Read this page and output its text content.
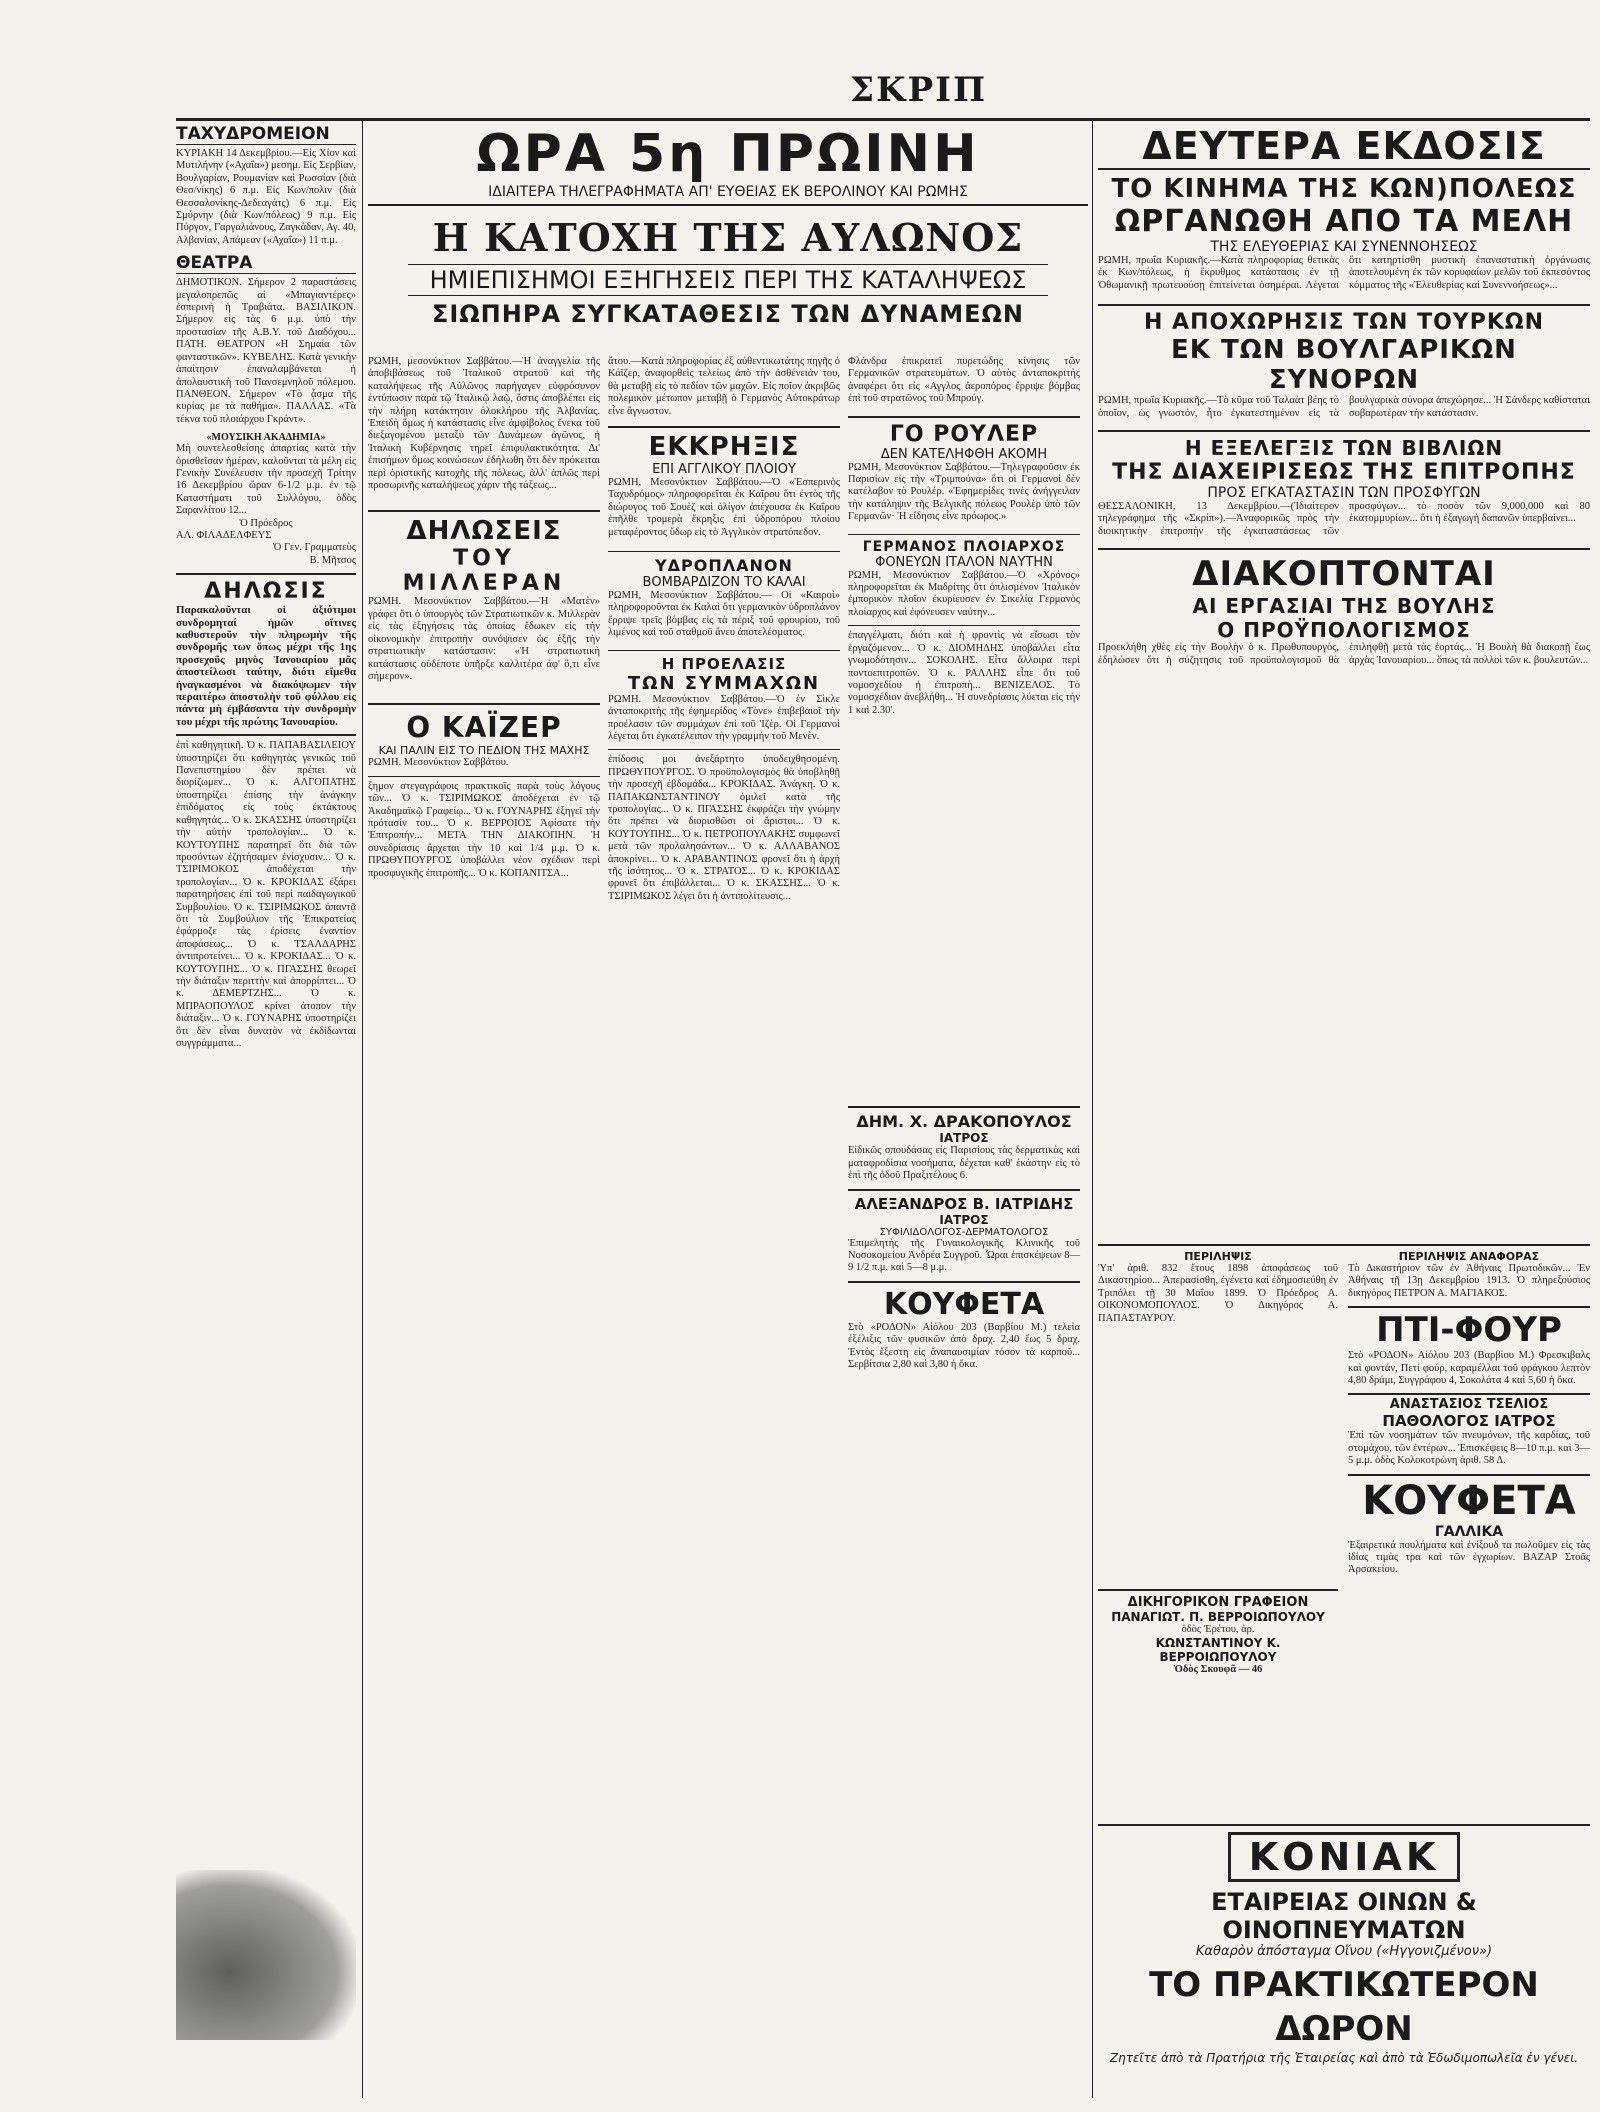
ΣΚΡΙΠ
ΤΑΧΥΔΡΟΜΕΙΟΝ
ΚΥΡΙΑΚΗ 14 Δεκεμβρίου.—Εἰς Χίον καὶ Μυτιλήνην («Αχαΐα») μεσημ. Εἰς Σερβίαν, Βουλγαρίαν, Ρουμανίαν καὶ Ρωσσίαν (διὰ Θεσ/νίκης) 6 π.μ. Εἰς Κων/πολιν (διὰ Θεσσαλονίκης-Δεδεαγάτς) 6 π.μ. Εἰς Σμύρνην (διὰ Κων/πόλεως) 9 π.μ. Εἰς Πύργον, Γαργαλιάνους, Ζαγκάδαν, Αγ. 40, Αλβανίαν, Απάμεαν («Αχαΐα») 11 π.μ.
ΘΕΑΤΡΑ
ΔΗΜΟΤΙΚΟΝ. Σήμερον 2 παραστάσεις μεγαλοπρεπῶς αἱ «Μπαγιαντέρες» ἐσπερινὴ ἡ Τραβιάτα. ΒΑΣΙΛΙΚΟΝ. Σήμερον εἰς τὰς 6 μ.μ. ὑπὸ τὴν προστασίαν τῆς Α.Β.Υ. τοῦ Διαδόχου... ΠΑΤΗ. ΘΕΑΤΡΟΝ «Η Σημαία τῶν φανταστικῶν». ΚΥΒΕΛΗΣ. Κατὰ γενικὴν ἀπαίτησιν ἐπαναλαμβάνεται ἡ ἀπολαυστικὴ τοῦ Πανσεμνηλοῦ πόλεμου. ΠΑΝΘΕΟΝ. Σήμερον «Τὸ ᾆσμα τῆς κυρίας με τὰ παθήμα». ΠΑΛΛΑΣ. «Τὰ τέκνα τοῦ πλοιάρχου Γκράντ».
«ΜΟΥΣΙΚΗ ΑΚΑΔΗΜΙΑ»
Μὴ συντελεσθείσης ἀπαρτίας κατὰ τὴν ὁρισθεῖσαν ἡμέραν, καλοῦνται τὰ μέλη εἰς Γενικὴν Συνέλευσιν τὴν προσεχῆ Τρίτην 16 Δεκεμβρίου ὥραν 6-1/2 μ.μ. ἐν τῷ Καταστήματι τοῦ Συλλόγου, ὁδὸς Σαρανλίτου 12...
Ὁ Πρόεδρος
ΑΛ. ΦΙΛΑΔΕΛΦΕΥΣ
Ὁ Γεν. Γραμματεὺς
Β. Μῆτσος
ΔΗΛΩΣΙΣ
Παρακαλοῦνται οἱ ἀξιότιμοι συνδρομηταί ἡμῶν οἵτινες καθυστεροῦν τὴν πληρωμὴν τῆς συνδρομῆς των ὅπως μέχρι τῆς 1ης προσεχοῦς μηνὸς Ἰανουαρίου μᾶς ἀποστείλωσι ταύτην, διότι εἴμεθα ἠναγκασμένοι νὰ διακόψωμεν τὴν περαιτέρω ἀποστολὴν τοῦ φύλλου εἰς πάντα μὴ ἐμβάσαντα τὴν συνδρομὴν του μέχρι τῆς πρώτης Ἰανουαρίου.
ἐπὶ καθηγητικῆ. Ὁ κ. ΠΑΠΑΒΑΣΙΛΕΙΟΥ ὑποστηρίζει ὅτι καθηγητὰς γενικῶς τοῦ Πανεπιστημίου δὲν πρέπει νὰ διορίζωμεν... Ὁ κ. ΑΛΓΟΠΑΤΗΣ ὑποστηρίζει ἐπίσης τὴν ἀνάγκην ἐπιδόματος εἰς τοὺς ἐκτάκτους καθηγητάς... Ὁ κ. ΣΚΑΣΣΗΣ ὑποστηρίζει τὴν αὐτὴν τροπολογίαν... Ὁ κ. ΚΟΥΤΟΥΠΗΣ παρατηρεῖ ὅτι διὰ τῶν προσόντων ἐζητήσαμεν ἐνίσχυσιν... Ὁ κ. ΤΣΙΡΙΜΟΚΟΣ ἀποδέχεται τὴν τροπολογίαν... Ὁ κ. ΚΡΟΚΙΔΑΣ ἐξάρει παρατηρήσεις ἐπὶ τοῦ περὶ παιδαγωγικοῦ Συμβουλίου. Ὁ κ. ΤΣΙΡΙΜΩΚΟΣ ἀπαντᾷ ὅτι τὰ Συμβούλιον τῆς Ἐπικρατείας ἐφάρμοζε τὰς ἐρίσεις ἐναντίον ἀποφάσεως... Ὁ κ. ΤΣΑΛΔΑΡΗΣ ἀντιπροτείνει... Ὁ κ. ΚΡΟΚΙΔΑΣ... Ὁ κ. ΚΟΥΤΟΥΠΗΣ... Ὁ κ. ΠΓΑΣΣΗΣ θεωρεῖ τὴν διάταξιν περιττὴν καὶ ἀπορρίπτει... Ὁ κ. ΔΕΜΕΡΤΖΗΣ... Ὁ κ. ΜΠΡΑΟΠΟΥΛΟΣ κρίνει ἀτοπον τὴν διάταξιν... Ὁ κ. ΓΟΥΝΑΡΗΣ ὑποστηρίζει ὅτι δὲν εἶναι δυνατὸν νὰ ἐκδίδωνται συγγράμματα...
ΩΡΑ 5η ΠΡΩΙΝΗ
ΙΔΙΑΙΤΕΡΑ ΤΗΛΕΓΡΑΦΗΜΑΤΑ ΑΠ' ΕΥΘΕΙΑΣ ΕΚ ΒΕΡΟΛΙΝΟΥ ΚΑΙ ΡΩΜΗΣ
Η ΚΑΤΟΧΗ ΤΗΣ ΑΥΛΩΝΟΣ
ΗΜΙΕΠΙΣΗΜΟΙ ΕΞΗΓΗΣΕΙΣ ΠΕΡΙ ΤΗΣ ΚΑΤΑΛΗΨΕΩΣ
ΣΙΩΠΗΡΑ ΣΥΓΚΑΤΑΘΕΣΙΣ ΤΩΝ ΔΥΝΑΜΕΩΝ
ΡΩΜΗ, μεσονύκτιον Σαββάτου.—Ἡ ἀναγγελία τῆς ἀποβιβάσεως τοῦ Ἰταλικοῦ στρατοῦ καὶ τῆς καταλήψεως τῆς Αὐλῶνος παρήγαγεν εὐφρόσυνον ἐντύπωσιν παρὰ τῷ Ἰταλικῷ λαῷ, ὅστις ἀποβλέπει εἰς τὴν πλήρη κατάκτησιν ὁλοκλήρου τῆς Ἀλβανίας. Ἐπειδὴ ὅμως ἡ κατάστασις εἶνε ἀμφίβολος ἕνεκα τοῦ διεξαγομένου μεταξὺ τῶν Δυνάμεων ἀγῶνος, ἡ Ἰταλικὴ Κυβέρνησις τηρεῖ ἐπιφυλακτικότητα. Δι' ἐπισήμων ὅμως κοινώσεων ἐδήλωθη ὅτι δὲν πρόκειται περὶ ὁριστικῆς κατοχῆς τῆς πόλεως, ἀλλ' ἁπλῶς περὶ προσωρινῆς καταλήψεως χάριν τῆς τάξεως...
ΔΗΛΩΣΕΙΣ
ΤΟΥ ΜΙΛΛΕΡΑΝ
ΡΩΜΗ. Μεσονύκτιον Σαββάτου.—Ἡ «Ματὲν» γράφει ὅτι ὁ ὑπουργὸς τῶν Στρατιωτικῶν κ. Μιλλερὰν εἰς τὰς ἐξηγήσεις τὰς ὁποίας ἔδωκεν εἰς τὴν οἰκονομικὴν ἐπιτροπὴν συνόψισεν ὡς ἑξῆς τὴν στρατιωτικὴν κατάστασιν: «Ἡ στρατιωτικὴ κατάστασις οὐδέποτε ὑπῆρξε καλλιτέρα ἀφ' ὅ,τι εἶνε σήμερον».
Ο ΚΑΪΖΕΡ
ΚΑΙ ΠΑΛΙΝ ΕΙΣ ΤΟ ΠΕΔΙΟΝ ΤΗΣ ΜΑΧΗΣ
ΡΩΜΗ. Μεσονύκτιον Σαββάτου.
ξημον στεγαγράφοις πρακτικοῖς παρὰ τοὺς λόγους τῶν... Ὁ κ. ΤΣΙΡΙΜΩΚΟΣ ἀποδέχεται ἐν τῷ Ἀκαδημαϊκῷ Γραφείῳ... Ὁ κ. ΓΟΥΝΑΡΗΣ ἐξηγεῖ τὴν πρότασίν του... Ὁ κ. ΒΕΡΡΟΙΟΣ Ἀφίσατε τὴν Ἐπιτροπήν... ΜΕΤΑ ΤΗΝ ΔΙΑΚΟΠΗΝ. Ἡ συνεδρίασις ἄρχεται τὴν 10 καὶ 1/4 μ.μ. Ὁ κ. ΠΡΩΘΥΠΟΥΡΓΟΣ ὑποβάλλει νέον σχέδιον περὶ προσφυγικῆς ἐπιτροπῆς... Ὁ κ. ΚΟΠΑΝΙΤΣΑ...
ἄτου.—Κατὰ πληροφορίας ἐξ αὐθεντικωτάτης πηγῆς ὁ Κάϊζερ, ἀναφορθεὶς τελείως ἀπὸ τὴν ἀσθένειάν του, θὰ μεταβῇ εἰς τὸ πεδίον τῶν μαχῶν. Εἰς ποῖον ἀκριβῶς πολεμικὸν μέτωπον μεταβῇ ὁ Γερμανὸς Αὐτοκράτωρ εἶνε ἄγνωστον.
ΕΚΚΡΗΞΙΣ
ΕΠΙ ΑΓΓΛΙΚΟΥ ΠΛΟΙΟΥ
ΡΩΜΗ, Μεσονύκτιον Σαββάτου.—Ὁ «Ἑσπερινὸς Ταχυδρόμος» πληροφορεῖται ἐκ Καΐρου ὅτι ἐντὸς τῆς διώρυγος τοῦ Σουὲζ καὶ ὀλίγον ἀπέχουσα ἐκ Καΐρου ἐπῆλθε τρομερὰ ἔκρηξις ἐπὶ ὑδροπόρου πλοίου μεταφέροντος ὕδωρ εἰς τὸ Ἀγγλικὸν στρατόπεδον.
ΥΔΡΟΠΛΑΝΟΝ
ΒΟΜΒΑΡΔΙΖΟΝ ΤΟ ΚΑΛΑΙ
ΡΩΜΗ, Μεσονύκτιον Σαββάτου.— Οἱ «Καιροὶ» πληροφοροῦνται ἐκ Καλαὶ ὅτι γερμανικὸν ὑδροπλάνον ἔρριψε τρεῖς βόμβας εἰς τὰ πέριξ τοῦ φρουρίου, τοῦ λιμένος καὶ τοῦ σταθμοῦ ἄνευ ἀποτελέσματος.
Η ΠΡΟΕΛΑΣΙΣ
ΤΩΝ ΣΥΜΜΑΧΩΝ
ΡΩΜΗ. Μεσονύκτιον Σαββάτου.—Ὁ ἐν Σὶκλε ἀνταποκριτὴς τῆς ἐφημερίδος «Τὸνε» ἐπιβεβαιοῖ τὴν προέλασιν τῶν συμμάχων ἐπὶ τοῦ Ἰζὲρ. Οἱ Γερμανοὶ λέγεται ὅτι ἐγκατέλειπον τὴν γραμμὴν τοῦ Μενὲν.
ἐπίδοσις μοι ἀνεξάρτητο ὑποδειχθησομένη. ΠΡΩΘΥΠΟΥΡΓΟΣ. Ὁ προϋπολογισμὸς θὰ ὑποβληθῇ τὴν προσεχῆ ἐβδομάδα... ΚΡΟΚΙΔΑΣ. Ἀνάγκη. Ὁ κ. ΠΑΠΑΚΩΝΣΤΑΝΤΙΝΟΥ ὁμιλεῖ κατὰ τῆς τροπολογίας... Ὁ κ. ΠΓΑΣΣΗΣ ἐκφράζει τὴν γνώμην ὅτι πρέπει νὰ διορισθῶσι οἱ ἄριστοι... Ὁ κ. ΚΟΥΤΟΥΠΗΣ... Ὁ κ. ΠΕΤΡΟΠΟΥΛΑΚΗΣ συμφωνεῖ μετὰ τῶν προλαλησάντων... Ὁ κ. ΑΛΛΑΒΑΝΟΣ ἀποκρίνει... Ὁ κ. ΑΡΑΒΑΝΤΙΝΟΣ φρονεῖ ὅτι ἡ ἀρχὴ τῆς ἰσότητος... Ὁ κ. ΣΤΡΑΤΟΣ... Ὁ κ. ΚΡΟΚΙΔΑΣ φρονεῖ ὅτι ἐπιβάλλεται... Ὁ κ. ΣΚΑΣΣΗΣ... Ὁ κ. ΤΣΙΡΙΜΩΚΟΣ λέγει ὅτι ἡ ἀντιπολίτευσις...
Φλάνδρα ἐπικρατεῖ πυρετώδης κίνησις τῶν Γερμανικῶν στρατευμάτων. Ὁ αὐτὸς ἀνταποκριτὴς ἀναφέρει ὅτι εἰς «Αγγλος ἀεροπόρος ἔρριψε βόμβας ἐπὶ τοῦ στρατῶνος τοῦ Μπρούγ.
ΓΟ ΡΟΥΛΕΡ
ΔΕΝ ΚΑΤΕΛΗΦΘΗ ΑΚΟΜΗ
ΡΩΜΗ, Μεσονύκτιον Σαββάτου.—Τηλεγραφοῦσιν ἐκ Παρισίων εἰς τὴν «Τριμπούνα» ὅτι οἱ Γερμανοὶ δὲν κατέλαβον τὸ Ρουλέρ. «Ἐφημερίδες τινὲς ἀνήγγειλαν τὴν κατάληψιν τῆς Βελγικῆς πόλεως Ρουλὲρ ὑπὸ τῶν Γερμανῶν· Ἡ εἴδησις εἶνε πρόωρος.»
ΓΕΡΜΑΝΟΣ ΠΛΟΙΑΡΧΟΣ
ΦΟΝΕΥΩΝ ΙΤΑΛΟΝ ΝΑΥΤΗΝ
ΡΩΜΗ, Μεσονύκτιον Σαββάτου.—Ὁ «Χρόνος» πληροφορεῖται ἐκ Μαδρίτης ὅτι ὁπλισμένον Ἰταλικὸν ἐμπορικὸν πλοῖον ἐκυρίευσεν ἐν Σικελίᾳ Γερμανὸς πλοίαρχος καὶ ἐφόνευσεν ναύτην...
ἐπαγγέλματι, διότι καὶ ἡ φροντὶς νὰ εἴσωσι τὸν ἐργαζόμενον... Ὁ κ. ΔΙΟΜΗΔΗΣ ὑποβάλλει εἶτα γνωμοδότησιν... ΣΟΚΟΛΗΣ. Εἶτα ἅλλοιρα περὶ ποντοεπιτροπῶν. Ὁ κ. ΡΑΛΛΗΣ εἶπε ὅτι τοῦ νομοσχεδίου ἡ ἐπιτροπὴ... ΒΕΝΙΖΕΛΟΣ. Τὸ νομοσχέδιον ἀνεβλήθη... Ἡ συνεδρίασις λύεται εἰς τὴν 1 καὶ 2.30'.
ΔΗΜ. Χ. ΔΡΑΚΟΠΟΥΛΟΣ
ΙΑΤΡΟΣ
Εἰδικῶς σπουδάσας εἰς Παρισίους τὰς δερματικὰς καὶ ματαφροδίσια νοσήματα, δέχεται καθ' ἑκάστην εἰς τὸ ἐπὶ τῆς ὁδοῦ Πραξιτέλους 6.
ΑΛΕΞΑΝΔΡΟΣ Β. ΙΑΤΡΙΔΗΣ
ΙΑΤΡΟΣ
ΣΥΦΙΛΙΔΟΛΟΓΟΣ-ΔΕΡΜΑΤΟΛΟΓΟΣ
Ἐπιμελητὴς τῆς Γυναικολογικῆς Κλινικῆς τοῦ Νοσοκομείου Ἀνδρέα Συγγροῦ. Ὧραι ἐπισκέψεων 8—9 1/2 π.μ. καὶ 5—8 μ.μ.
ΚΟΥΦΕΤΑ
Στὸ «ΡΟΔΟΝ» Αἰόλου 203 (Βαρβίου Μ.) τελεία ἐξέλιξις τῶν φυσικῶν ἀπὸ δραχ. 2,40 ἕως 5 δραχ. Ἐντὸς ἔξεστη εἰς ἄναπαυσιμίαν τόσον τὰ καρποῦ... Σερβίτσια 2,80 καὶ 3,80 ἡ ὄκα.
ΔΕΥΤΕΡΑ ΕΚΔΟΣΙΣ
ΤΟ ΚΙΝΗΜΑ ΤΗΣ ΚΩΝ)ΠΟΛΕΩΣ
ΩΡΓΑΝΩΘΗ ΑΠΟ ΤΑ ΜΕΛΗ
ΤΗΣ ΕΛΕΥΘΕΡΙΑΣ ΚΑΙ ΣΥΝΕΝΝΟΗΣΕΩΣ
ΡΩΜΗ, πρωΐα Κυριακῆς.—Κατὰ πληροφορίας θετικὰς ἐκ Κων/πόλεως, ἡ ἔκρυθμος κατάστασις ἐν τῇ Ὀθωμανικῇ πρωτευούσῃ ἐπιτείνεται ὁσημέραι. Λέγεται ὅτι κατηρτίσθη μυστικὴ ἐπαναστατικὴ ὀργάνωσις ἀποτελουμένη ἐκ τῶν κορυφαίων μελῶν τοῦ ἐκπεσόντος κόμματος τῆς «Ἐλευθερίας καὶ Συνεννοήσεως»...
Η ΑΠΟΧΩΡΗΣΙΣ ΤΩΝ ΤΟΥΡΚΩΝ
ΕΚ ΤΩΝ ΒΟΥΛΓΑΡΙΚΩΝ ΣΥΝΟΡΩΝ
ΡΩΜΗ, πρωΐα Κυριακῆς.—Τὸ κῦμα τοῦ Ταλαὰτ βέης τὸ ὁποῖον, ὡς γνωστόν, ἦτο ἐγκατεστημένον εἰς τὰ βουλγαρικὰ σύνορα ἀπεχώρησε... Ἡ Σάνδερς καθίσταται σοβαρωτέραν τὴν κατάστασιν.
Η ΕΞΕΛΕΓΞΙΣ ΤΩΝ ΒΙΒΛΙΩΝ
ΤΗΣ ΔΙΑΧΕΙΡΙΣΕΩΣ ΤΗΣ ΕΠΙΤΡΟΠΗΣ
ΠΡΟΣ ΕΓΚΑΤΑΣΤΑΣΙΝ ΤΩΝ ΠΡΟΣΦΥΓΩΝ
ΘΕΣΣΑΛΟΝΙΚΗ, 13 Δεκεμβρίου.—(Ἰδιαίτερον τηλεγράφημα τῆς «Σκρίπ»).—Ἀναφορικῶς πρὸς τὴν διοικητικὴν ἐπιτροπὴν τῆς ἐγκαταστάσεως τῶν προσφύγων... τὸ ποσὸν τῶν 9,000,000 καὶ 80 ἑκατομμυρίων... ὅτι ἡ ἐξαγωγὴ δαπανῶν ὑπερβαίνει...
ΔΙΑΚΟΠΤΟΝΤΑΙ
ΑΙ ΕΡΓΑΣΙΑΙ ΤΗΣ ΒΟΥΛΗΣ
Ο ΠΡΟΫΠΟΛΟΓΙΣΜΟΣ
Προεκλήθη χθὲς εἰς τὴν Βουλὴν ὁ κ. Πρωθυπουργὸς, ἐδηλώσεν ὅτι ἡ σύζητησις τοῦ προϋπολογισμοῦ θὰ ἐπιληφθῇ μετὰ τὰς ἑορτάς... Ἡ Βουλὴ θὰ διακοπῇ ἔως ἀρχὰς Ἰανουαρίου... ὅπως τὰ πολλοὶ τῶν κ. βουλευτῶν...
ΠΕΡΙΛΗΨΙΣ
Ὑπ' ἀριθ. 832 ἔτους 1898 ἀποφάσεως τοῦ Δικαστηρίου... Ἀπερασίσθη, ἐγένετο καὶ ἐδημοσιεύθη ἐν Τριπόλει τῇ 30 Μαΐου 1899. Ὁ Πρόεδρος Α. ΟΙΚΟΝΟΜΟΠΟΥΛΟΣ. Ὁ Δικηγόρος Α. ΠΑΠΑΣΤΑΥΡΟΥ.
ΔΙΚΗΓΟΡΙΚΟΝ ΓΡΑΦΕΙΟΝ
ΠΑΝΑΓΙΩΤ. Π. ΒΕΡΡΟΙΩΠΟΥΛΟΥ
ὁδὸς Ἑρέτου, ἀρ.
ΚΩΝΣΤΑΝΤΙΝΟΥ Κ. ΒΕΡΡΟΙΩΠΟΥΛΟΥ
Ὁδὸς Σκουφᾶ — 46
ΠΕΡΙΛΗΨΙΣ ΑΝΑΦΟΡΑΣ
Τὸ Δικαστήριον τῶν ἐν Ἀθήναις Πρωτοδικῶν... Ἐν Ἀθήναις τῇ 13ῃ Δεκεμβρίου 1913. Ὁ πληρεξούσιος δικηγόρος ΠΕΤΡΟΝ Α. ΜΑΓΙΑΚΟΣ.
ΠΤΙ-ΦΟΥΡ
Στὸ «ΡΟΔΟΝ» Αἰόλου 203 (Βαρβίου Μ.) Φρεσκιβαλς καὶ φοντάν, Πετί φούρ, καραμέλλαι τοῦ φράγκου λεπτὸν 4,80 δράμι, Συγγράφου 4, Σοκολάτα 4 καὶ 5,60 ἡ ὄκα.
ΑΝΑΣΤΑΣΙΟΣ ΤΣΕΛΙΟΣ
ΠΑΘΟΛΟΓΟΣ ΙΑΤΡΟΣ
Ἐπὶ τῶν νοσημάτων τῶν πνευμόνων, τῆς καρδίας, τοῦ στομάχου, τῶν ἐντέρων... Ἐπισκέψεις 8—10 π.μ. καὶ 3—5 μ.μ. ὁδὸς Κολοκοτρώνη ἀριθ. 58 Δ.
ΚΟΥΦΕΤΑ
ΓΑΛΛΙΚΑ
Ἐξαιρετικά πουλήματα καὶ ἐνίξουδ τα πωλοῦμεν εἰς τὰς ἰδίας τιμὰς τρα καὶ τῶν ἐγχωρίων. ΒΑΖΑΡ Στοᾶς Ἀρσακείου.
ΚΟΝΙΑΚ
ΕΤΑΙΡΕΙΑΣ ΟΙΝΩΝ & ΟΙΝΟΠΝΕΥΜΑΤΩΝ
Καθαρὸν ἀπόσταγμα Οἴνου («Ηγγονιζμένον»)
ΤΟ ΠΡΑΚΤΙΚΩΤΕΡΟΝ ΔΩΡΟΝ
Ζητεῖτε ἀπὸ τὰ Πρατήρια τῆς Ἑταιρείας καὶ ἀπὸ τὰ Ἐδωδιμοπωλεῖα ἐν γένει.
